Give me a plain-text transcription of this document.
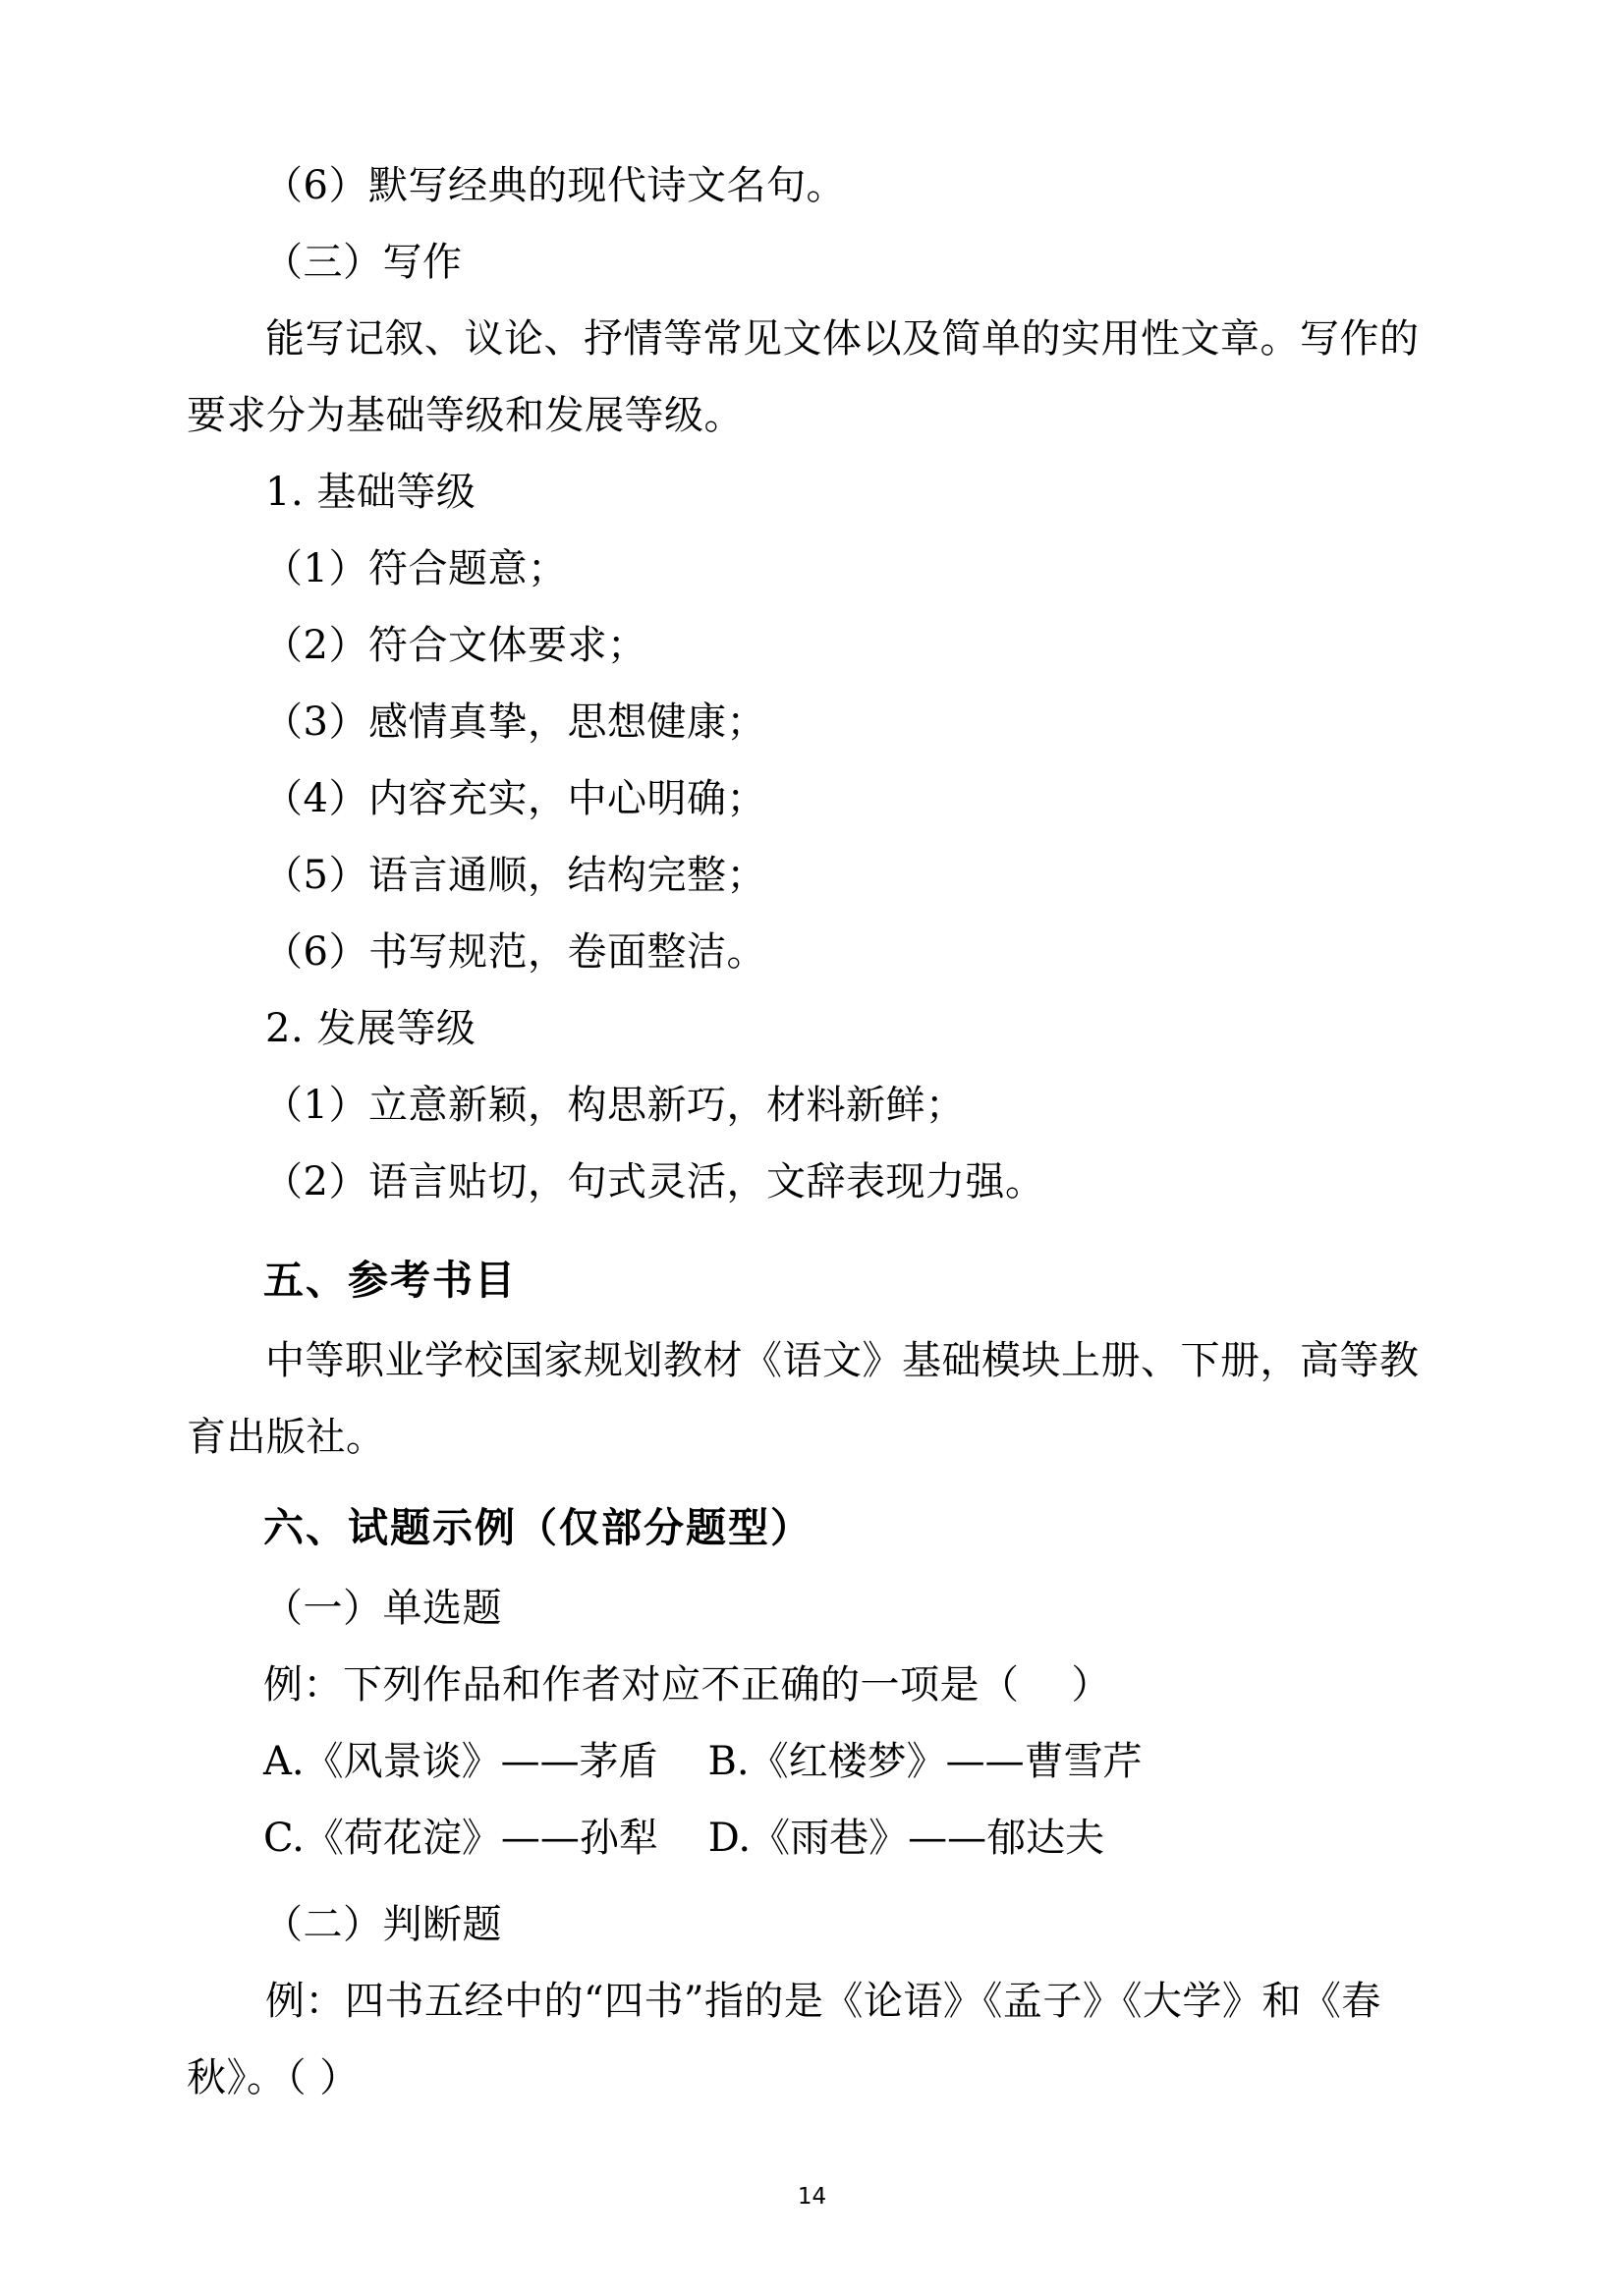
（6）默写经典的现代诗文名句。
（三）写作
能写记叙、议论、抒情等常见文体以及简单的实用性文章。写作的要求分为基础等级和发展等级。
1. 基础等级
（1）符合题意；
（2）符合文体要求；
（3）感情真挚，思想健康；
（4）内容充实，中心明确；
（5）语言通顺，结构完整；
（6）书写规范，卷面整洁。
2. 发展等级
（1）立意新颖，构思新巧，材料新鲜；
（2）语言贴切，句式灵活，文辞表现力强。
五、参考书目
中等职业学校国家规划教材《语文》基础模块上册、下册，高等教育出版社。
六、试题示例（仅部分题型）
（一）单选题
例：下列作品和作者对应不正确的一项是（    ）
A.《风景谈》——茅盾    B.《红楼梦》——曹雪芹
C.《荷花淀》——孙犁    D.《雨巷》——郁达夫
（二）判断题
例：四书五经中的“四书”指的是《论语》《孟子》《大学》和《春秋》。（ ）
14
